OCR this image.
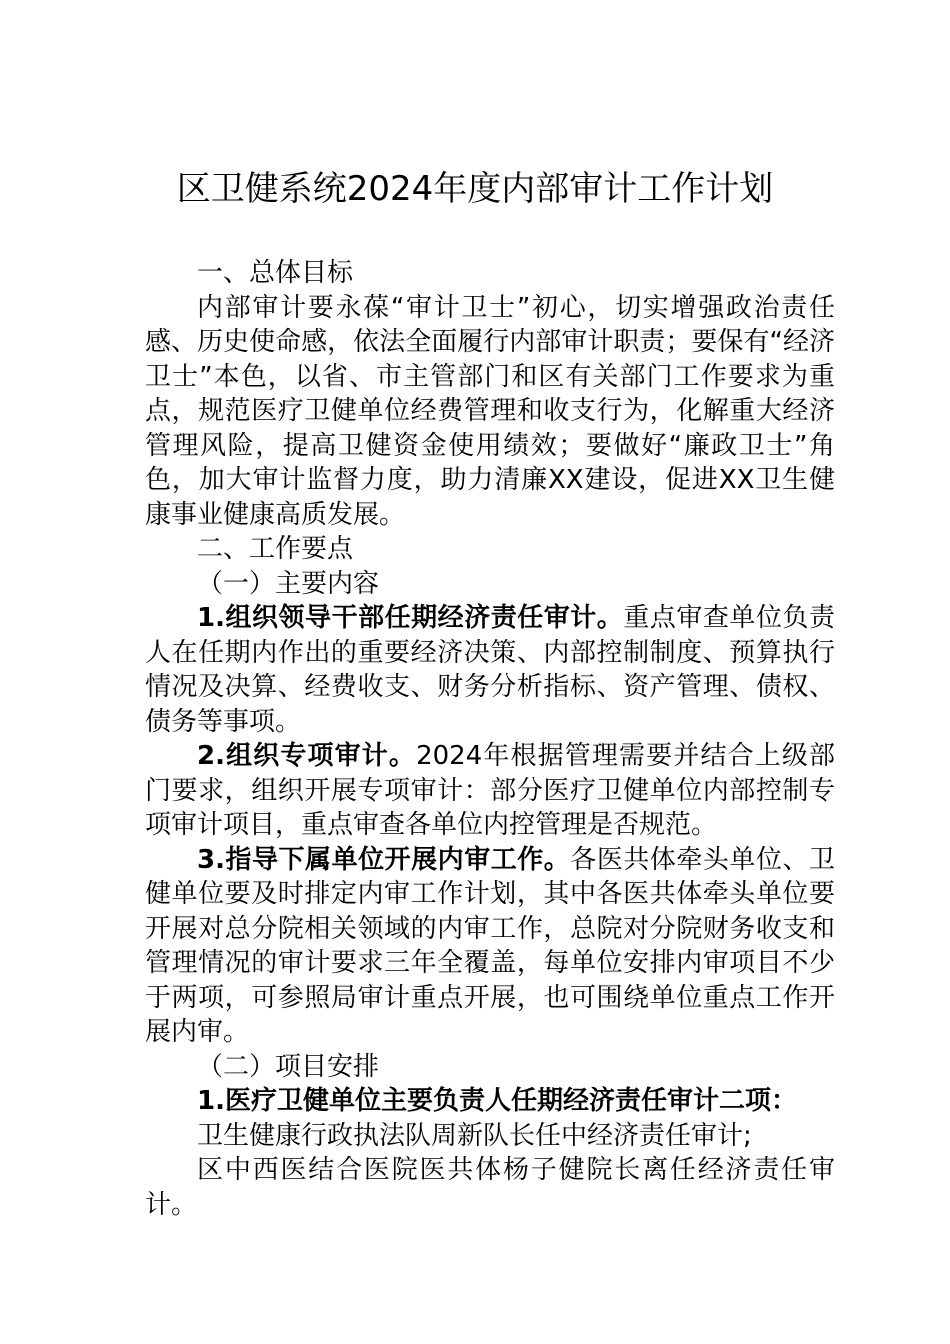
区卫健系统2024年度内部审计工作计划

一、总体目标

内部审计要永葆“审计卫士”初心，切实增强政治责任感、历史使命感，依法全面履行内部审计职责；要保有“经济卫士”本色，以省、市主管部门和区有关部门工作要求为重点，规范医疗卫健单位经费管理和收支行为，化解重大经济管理风险，提高卫健资金使用绩效；要做好“廉政卫士”角色，加大审计监督力度，助力清廉XX建设，促进XX卫生健康事业健康高质发展。

二、工作要点

（一）主要内容

1.组织领导干部任期经济责任审计。重点审查单位负责人在任期内作出的重要经济决策、内部控制制度、预算执行情况及决算、经费收支、财务分析指标、资产管理、债权、债务等事项。

2.组织专项审计。2024年根据管理需要并结合上级部门要求，组织开展专项审计：部分医疗卫健单位内部控制专项审计项目，重点审查各单位内控管理是否规范。

3.指导下属单位开展内审工作。各医共体牵头单位、卫健单位要及时排定内审工作计划，其中各医共体牵头单位要开展对总分院相关领域的内审工作，总院对分院财务收支和管理情况的审计要求三年全覆盖，每单位安排内审项目不少于两项，可参照局审计重点开展，也可围绕单位重点工作开展内审。

（二）项目安排

1.医疗卫健单位主要负责人任期经济责任审计二项：

卫生健康行政执法队周新队长任中经济责任审计;

区中西医结合医院医共体杨子健院长离任经济责任审计。
